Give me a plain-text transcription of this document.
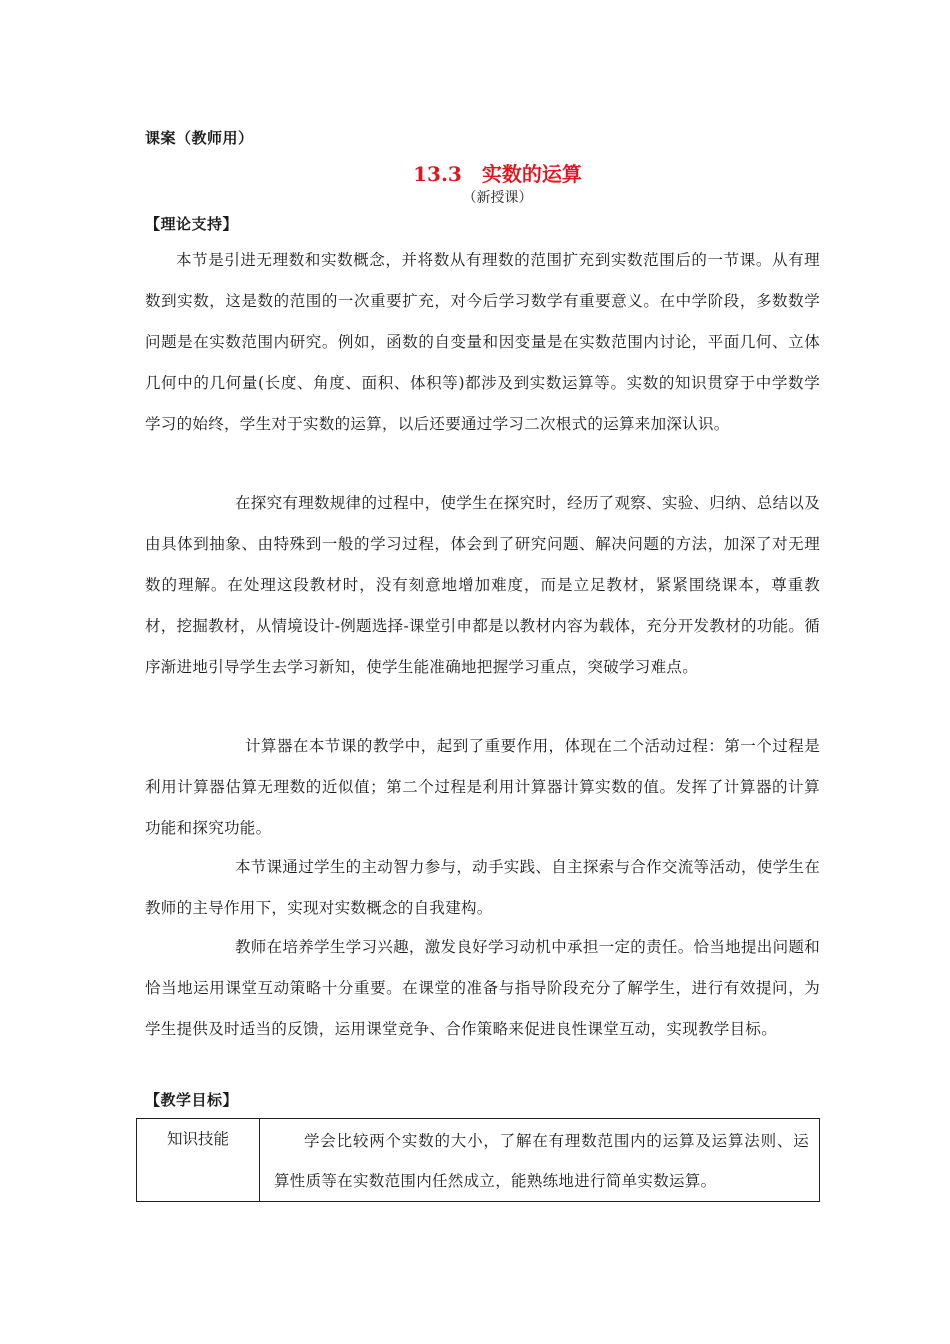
课案（教师用）
13.3　实数的运算
（新授课）
【理论支持】
本节是引进无理数和实数概念，并将数从有理数的范围扩充到实数范围后的一节课。从有理数到实数，这是数的范围的一次重要扩充，对今后学习数学有重要意义。在中学阶段，多数数学问题是在实数范围内研究。例如，函数的自变量和因变量是在实数范围内讨论，平面几何、立体几何中的几何量(长度、角度、面积、体积等)都涉及到实数运算等。实数的知识贯穿于中学数学学习的始终，学生对于实数的运算，以后还要通过学习二次根式的运算来加深认识。
在探究有理数规律的过程中，使学生在探究时，经历了观察、实验、归纳、总结以及由具体到抽象、由特殊到一般的学习过程，体会到了研究问题、解决问题的方法，加深了对无理数的理解。在处理这段教材时，没有刻意地增加难度，而是立足教材，紧紧围绕课本，尊重教材，挖掘教材，从情境设计-例题选择-课堂引申都是以教材内容为载体，充分开发教材的功能。循序渐进地引导学生去学习新知，使学生能准确地把握学习重点，突破学习难点。
计算器在本节课的教学中，起到了重要作用，体现在二个活动过程：第一个过程是利用计算器估算无理数的近似值；第二个过程是利用计算器计算实数的值。发挥了计算器的计算功能和探究功能。
本节课通过学生的主动智力参与，动手实践、自主探索与合作交流等活动，使学生在教师的主导作用下，实现对实数概念的自我建构。
教师在培养学生学习兴趣，激发良好学习动机中承担一定的责任。恰当地提出问题和恰当地运用课堂互动策略十分重要。在课堂的准备与指导阶段充分了解学生，进行有效提问，为学生提供及时适当的反馈，运用课堂竞争、合作策略来促进良性课堂互动，实现教学目标。
【教学目标】
知识技能	学会比较两个实数的大小，了解在有理数范围内的运算及运算法则、运算性质等在实数范围内任然成立，能熟练地进行简单实数运算。
